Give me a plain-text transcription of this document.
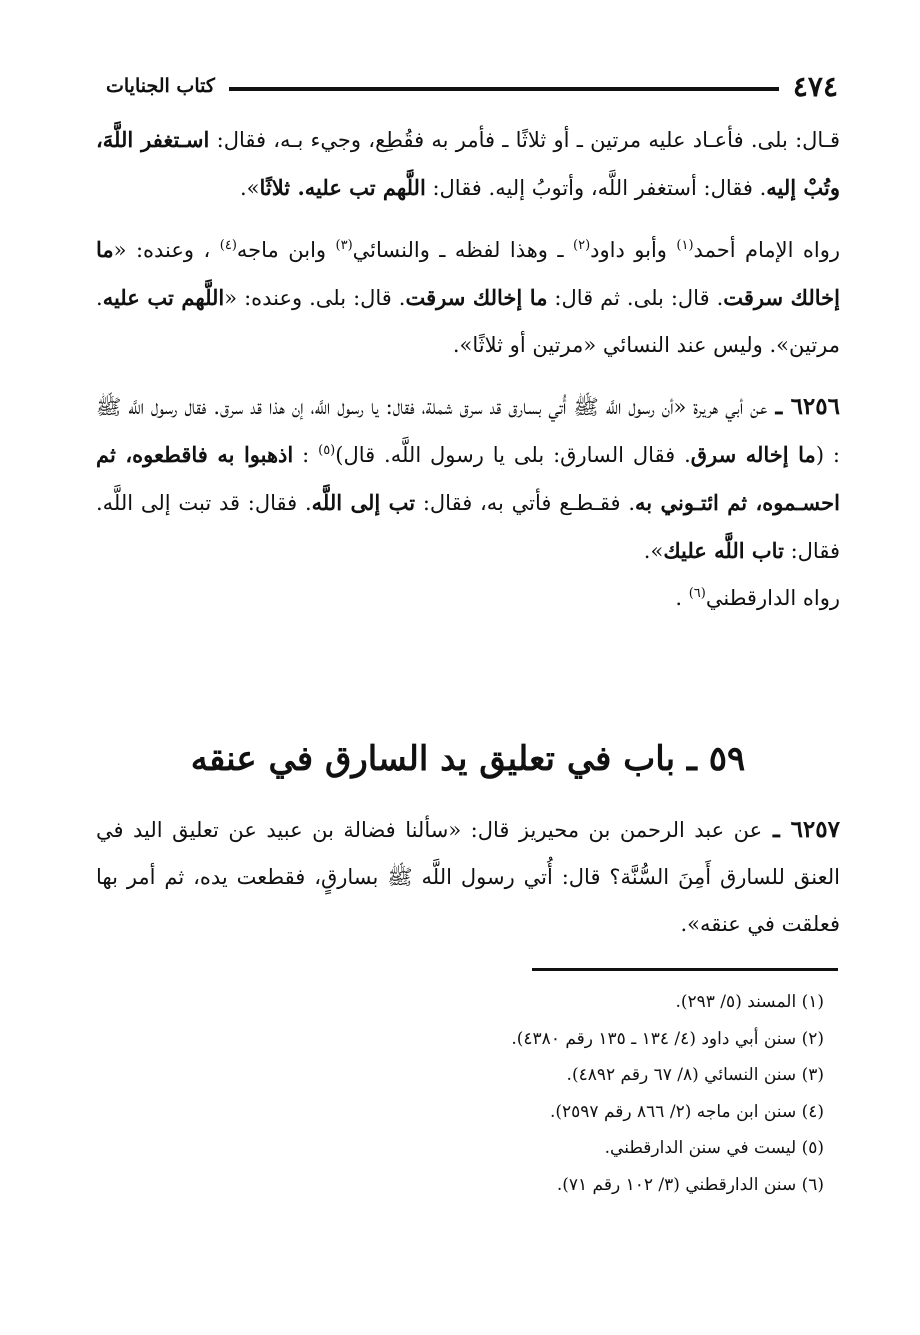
٤٧٤
كتاب الجنايات

قـال: بلى. فأعـاد عليه مرتين ـ أو ثلاثًا ـ فأمر به فقُطِع، وجيء بـه، فقال: اسـتغفر اللَّهَ، وتُبْ إليه. فقال: أستغفر اللَّه، وأتوبُ إليه. فقال: اللَّهم تب عليه. ثلاثًا».

رواه الإمام أحمد$^{(١)}$ وأبو داود$^{(٢)}$ ـ وهذا لفظه ـ والنسائي$^{(٣)}$ وابن ماجه$^{(٤)}$ ، وعنده: «ما إخالك سرقت. قال: بلى. ثم قال: ما إخالك سرقت. قال: بلى. وعنده: «اللَّهم تب عليه. مرتين». وليس عند النسائي «مرتين أو ثلاثًا».

٦٢٥٦ ـ عن أبي هريرة «أن رسول اللَّه ﷺ أُتي بسارق قد سرق شملة، فقال: يا رسول اللَّه، إن هذا قد سرق. فقال رسول اللَّه ﷺ : (ما إخاله سرق. فقال السارق: بلى يا رسول اللَّه. قال)$^{(٥)}$ : اذهبوا به فاقطعوه، ثم احسـموه، ثم ائتـوني به. فقـطـع فأتي به، فقال: تب إلى اللَّه. فقال: قد تبت إلى اللَّه. فقال: تاب اللَّه عليك».

رواه الدارقطني$^{(٦)}$ .

٥٩ ـ باب في تعليق يد السارق في عنقه

٦٢٥٧ ـ عن عبد الرحمن بن محيريز قال: «سألنا فضالة بن عبيد عن تعليق اليد في العنق للسارق أَمِنَ السُّنَّة؟ قال: أُتي رسول اللَّه ﷺ بسارقٍ، فقطعت يده، ثم أمر بها فعلقت في عنقه».

(١) المسند (٥/ ٢٩٣).
(٢) سنن أبي داود (٤/ ١٣٤ ـ ١٣٥ رقم ٤٣٨٠).
(٣) سنن النسائي (٨/ ٦٧ رقم ٤٨٩٢).
(٤) سنن ابن ماجه (٢/ ٨٦٦ رقم ٢٥٩٧).
(٥) ليست في سنن الدارقطني.
(٦) سنن الدارقطني (٣/ ١٠٢ رقم ٧١).
